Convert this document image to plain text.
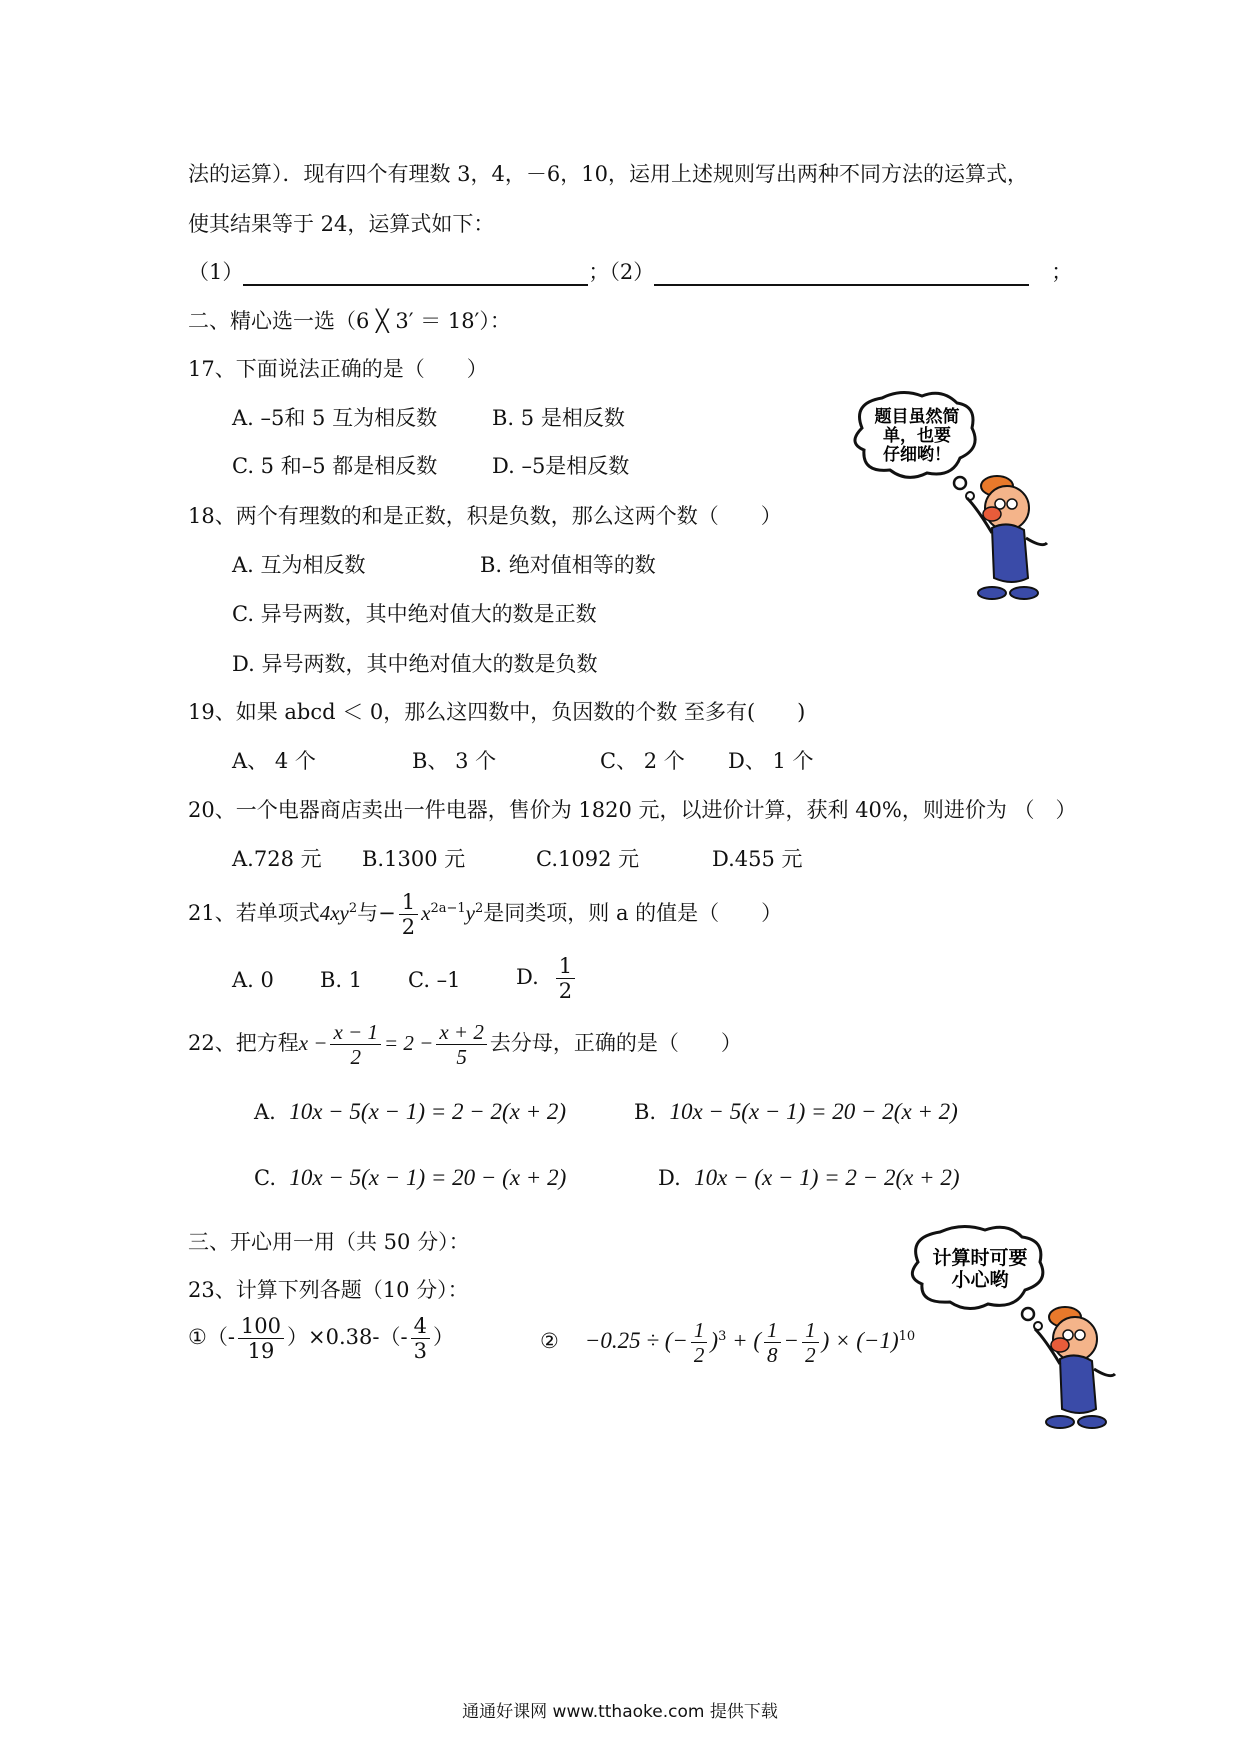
法的运算）．现有四个有理数 3，4，－6，10，运用上述规则写出两种不同方法的运算式，
使其结果等于 24，运算式如下：
（1）	；（2）	；
二、精心选一选（6 ╳ 3′ ＝ 18′）：
17、下面说法正确的是（　　）
A. –5和 5 互为相反数	B. 5 是相反数
C. 5 和–5 都是相反数	D. –5是相反数
18、两个有理数的和是正数，积是负数，那么这两个数（　　）
A. 互为相反数	B. 绝对值相等的数
C. 异号两数，其中绝对值大的数是正数
D. 异号两数，其中绝对值大的数是负数
19、如果 abcd ＜ 0，那么这四数中，负因数的个数 至多有(　　)
A、 4 个	B、 3 个	C、 2 个 D、 1 个
20、一个电器商店卖出一件电器，售价为 1820 元，以进价计算，获利 40%，则进价为 （　）
A.728 元 B.1300 元	C.1092 元	D.455 元
21、若单项式$4xy^2$与− $\frac{1}{2} x^{2a-1}y^2$是同类项，则 a 的值是（　　）
A. 0 B. 1 C. –1	D. $\frac{1}{2}$
22、把方程$x - \frac{x - 1}{2} = 2 - \frac{x + 2}{5}$ 去分母，正确的是（　　）
A. 10x − 5(x − 1) = 2 − 2(x + 2)	B. 10x − 5(x − 1) = 20 − 2(x + 2)
C. 10x − 5(x − 1) = 20 − (x + 2)	D. 10x − (x − 1) = 2 − 2(x + 2)
三、开心用一用（共 50 分）：
23、计算下列各题（10 分）：
①（- $\frac{100}{19} )\times 0.38-(- \frac{4}{3}$ ）	② −0.25 ÷ (− $\frac{1}{2} )^3$ + ( $\frac{1}{8} - \frac{1}{2}$ ) × $(-1)^{10}$
题目虽然简
单，也要
仔细哟！
计算时可要
小心哟
通通好课网 www.tthaoke.com 提供下载
